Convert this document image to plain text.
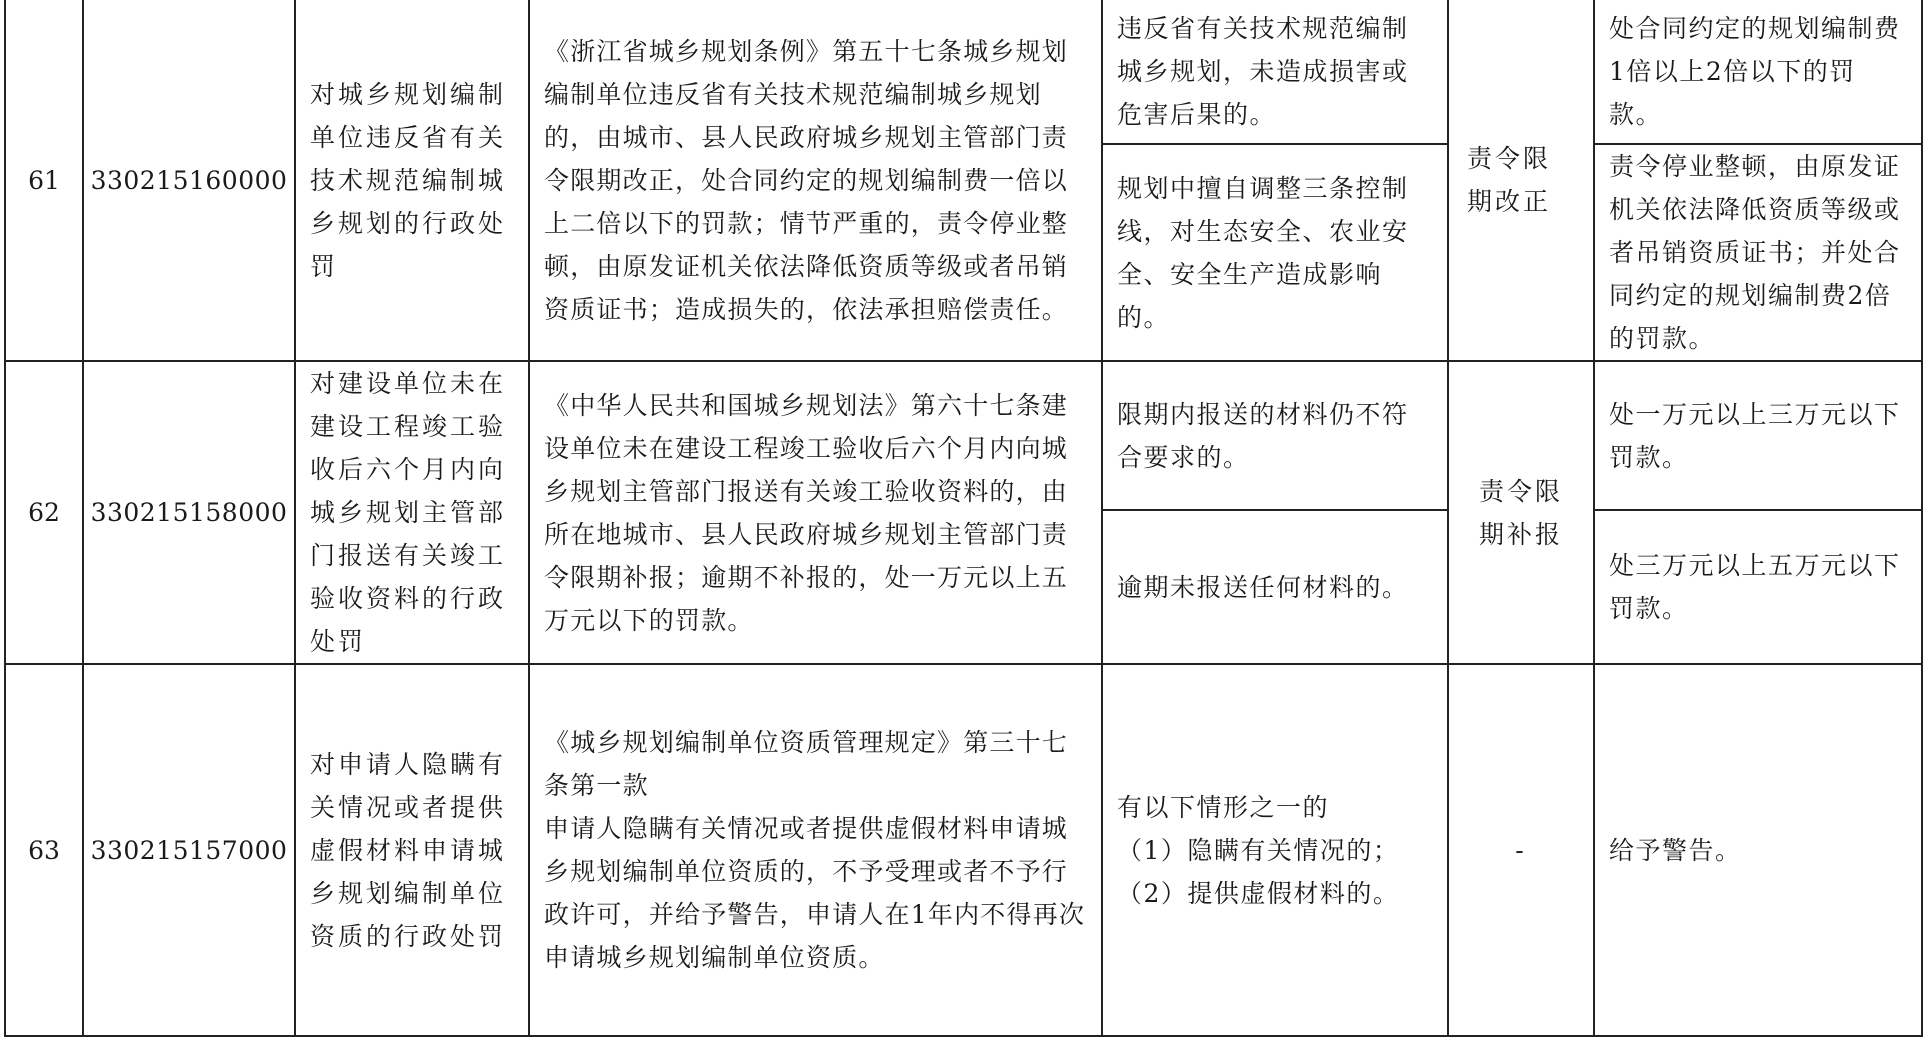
61	330215160000	对城乡规划编制单位违反省有关技术规范编制城乡规划的行政处罚	《浙江省城乡规划条例》第五十七条城乡规划编制单位违反省有关技术规范编制城乡规划的，由城市、县人民政府城乡规划主管部门责令限期改正，处合同约定的规划编制费一倍以上二倍以下的罚款；情节严重的，责令停业整顿，由原发证机关依法降低资质等级或者吊销资质证书；造成损失的，依法承担赔偿责任。	违反省有关技术规范编制城乡规划，未造成损害或危害后果的。	责令限期改正	处合同约定的规划编制费1倍以上2倍以下的罚款。
				规划中擅自调整三条控制线，对生态安全、农业安全、安全生产造成影响的。		责令停业整顿，由原发证机关依法降低资质等级或者吊销资质证书；并处合同约定的规划编制费2倍的罚款。
62	330215158000	对建设单位未在建设工程竣工验收后六个月内向城乡规划主管部门报送有关竣工验收资料的行政处罚	《中华人民共和国城乡规划法》第六十七条建设单位未在建设工程竣工验收后六个月内向城乡规划主管部门报送有关竣工验收资料的，由所在地城市、县人民政府城乡规划主管部门责令限期补报；逾期不补报的，处一万元以上五万元以下的罚款。	限期内报送的材料仍不符合要求的。	责令限期补报	处一万元以上三万元以下罚款。
				逾期未报送任何材料的。		处三万元以上五万元以下罚款。
63	330215157000	对申请人隐瞒有关情况或者提供虚假材料申请城乡规划编制单位资质的行政处罚	《城乡规划编制单位资质管理规定》第三十七条第一款
申请人隐瞒有关情况或者提供虚假材料申请城乡规划编制单位资质的，不予受理或者不予行政许可，并给予警告，申请人在1年内不得再次申请城乡规划编制单位资质。	有以下情形之一的
（1）隐瞒有关情况的；
（2）提供虚假材料的。	-	给予警告。
